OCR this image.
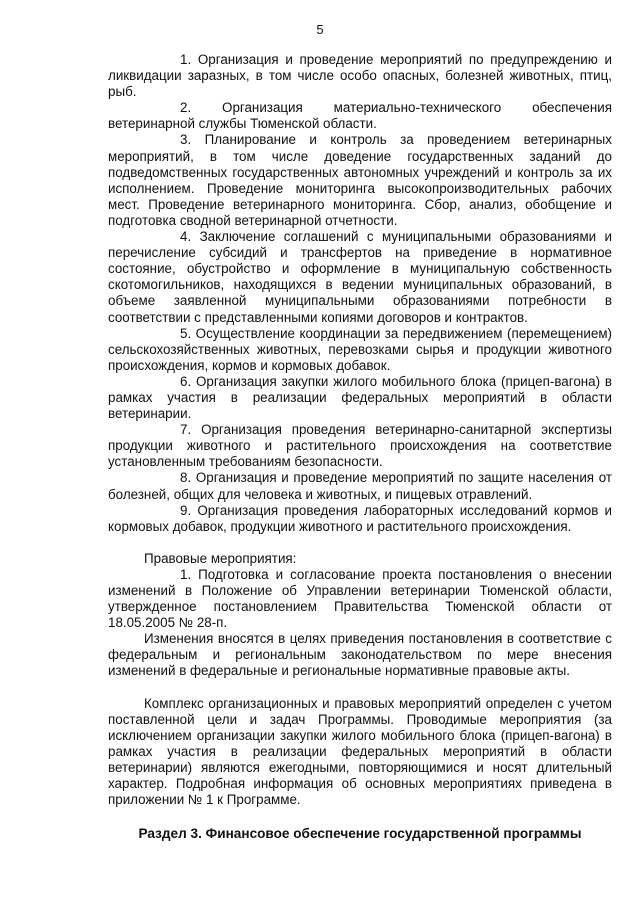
5

1. Организация и проведение мероприятий по предупреждению и ликвидации заразных, в том числе особо опасных, болезней животных, птиц, рыб.

2. Организация материально-технического обеспечения ветеринарной службы Тюменской области.

3. Планирование и контроль за проведением ветеринарных мероприятий, в том числе доведение государственных заданий до подведомственных государственных автономных учреждений и контроль за их исполнением. Проведение мониторинга высокопроизводительных рабочих мест. Проведение ветеринарного мониторинга. Сбор, анализ, обобщение и подготовка сводной ветеринарной отчетности.

4. Заключение соглашений с муниципальными образованиями и перечисление субсидий и трансфертов на приведение в нормативное состояние, обустройство и оформление в муниципальную собственность скотомогильников, находящихся в ведении муниципальных образований, в объеме заявленной муниципальными образованиями потребности в соответствии с представленными копиями договоров и контрактов.

5. Осуществление координации за передвижением (перемещением) сельскохозяйственных животных, перевозками сырья и продукции животного происхождения, кормов и кормовых добавок.

6. Организация закупки жилого мобильного блока (прицеп-вагона) в рамках участия в реализации федеральных мероприятий в области ветеринарии.

7. Организация проведения ветеринарно-санитарной экспертизы продукции животного и растительного происхождения на соответствие установленным требованиям безопасности.

8. Организация и проведение мероприятий по защите населения от болезней, общих для человека и животных, и пищевых отравлений.

9. Организация проведения лабораторных исследований кормов и кормовых добавок, продукции животного и растительного происхождения.

Правовые мероприятия:

1. Подготовка и согласование проекта постановления о внесении изменений в Положение об Управлении ветеринарии Тюменской области, утвержденное постановлением Правительства Тюменской области от 18.05.2005 № 28-п.

Изменения вносятся в целях приведения постановления в соответствие с федеральным и региональным законодательством по мере внесения изменений в федеральные и региональные нормативные правовые акты.

Комплекс организационных и правовых мероприятий определен с учетом поставленной цели и задач Программы. Проводимые мероприятия (за исключением организации закупки жилого мобильного блока (прицеп-вагона) в рамках участия в реализации федеральных мероприятий в области ветеринарии) являются ежегодными, повторяющимися и носят длительный характер. Подробная информация об основных мероприятиях приведена в приложении № 1 к Программе.

Раздел 3. Финансовое обеспечение государственной программы
